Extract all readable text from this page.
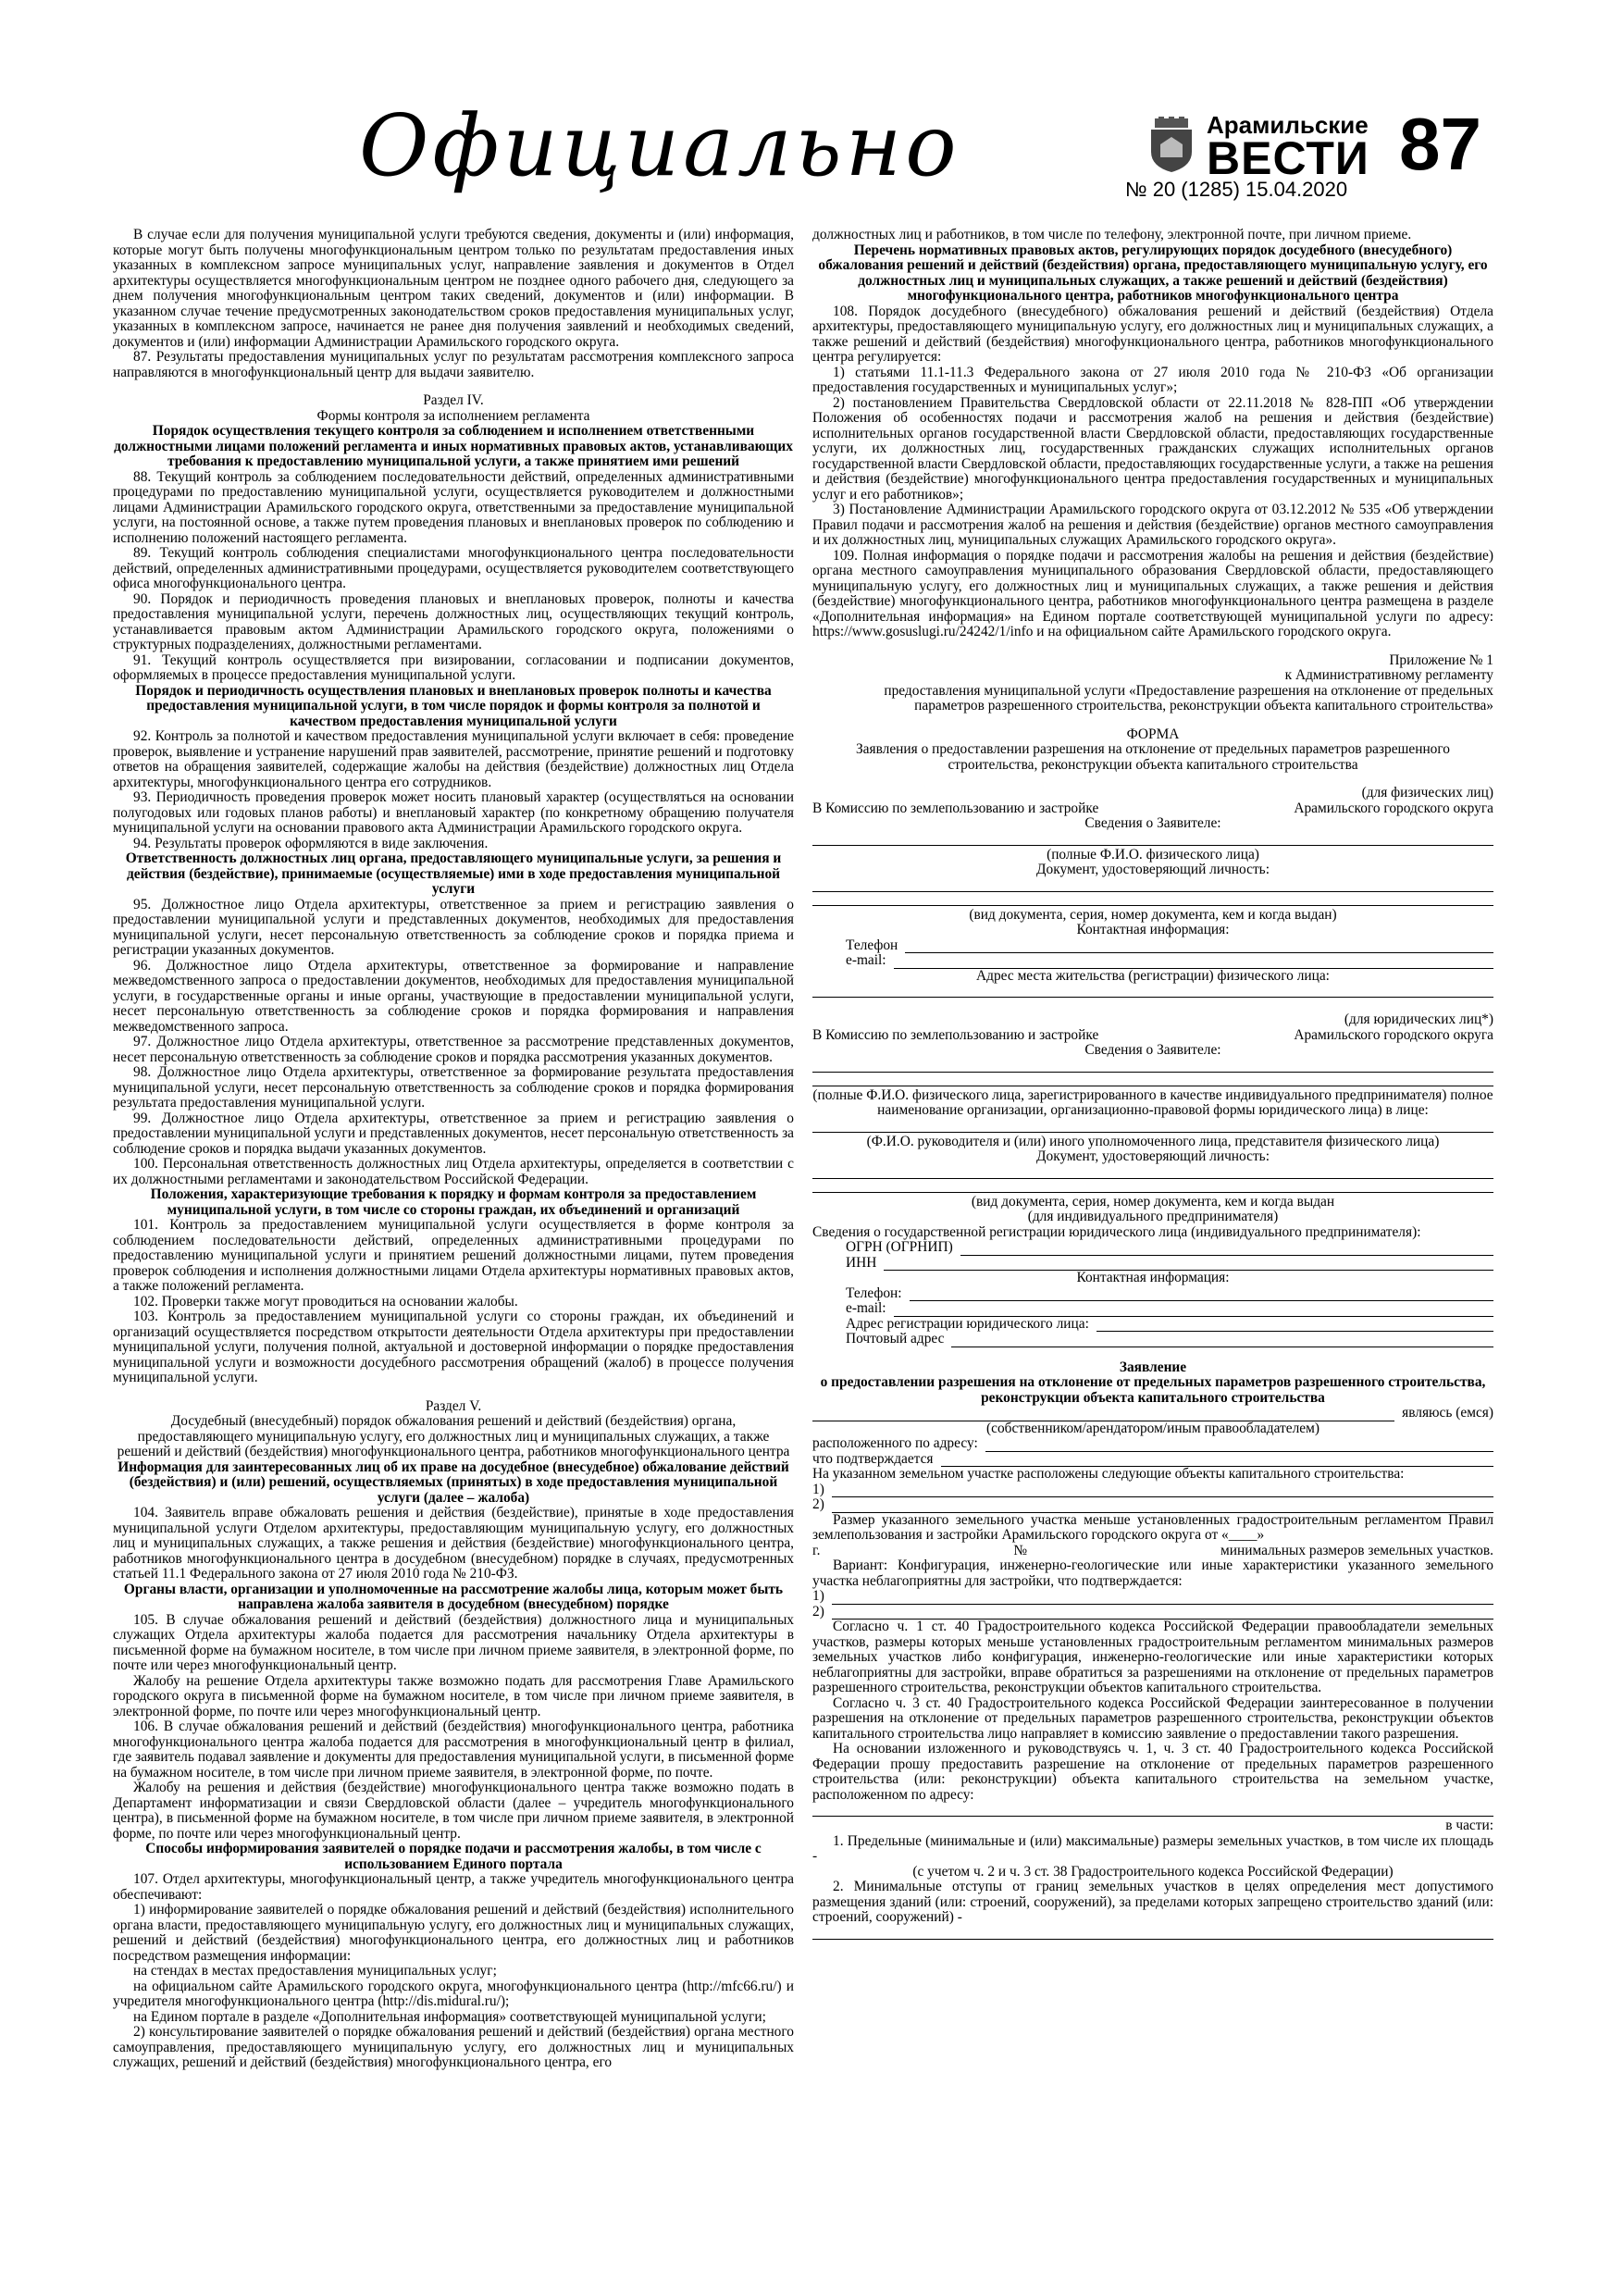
Официально	Арамильские
ВЕСТИ 87
№ 20 (1285) 15.04.2020

В случае если для получения муниципальной услуги требуются сведения, документы и (или) информация, которые могут быть получены многофункциональным центром только по результатам предоставления иных указанных в комплексном запросе муниципальных услуг, направление заявления и документов в Отдел архитектуры осуществляется многофункциональным центром не позднее одного рабочего дня, следующего за днем получения многофункциональным центром таких сведений, документов и (или) информации. В указанном случае течение предусмотренных законодательством сроков предоставления муниципальных услуг, указанных в комплексном запросе, начинается не ранее дня получения заявлений и необходимых сведений, документов и (или) информации Администрации Арамильского городского округа.

87. Результаты предоставления муниципальных услуг по результатам рассмотрения комплексного запроса направляются в многофункциональный центр для выдачи заявителю.

Раздел IV.

Формы контроля за исполнением регламента

Порядок осуществления текущего контроля за соблюдением и исполнением ответственными должностными лицами положений регламента и иных нормативных правовых актов, устанавливающих требования к предоставлению муниципальной услуги, а также принятием ими решений

88. Текущий контроль за соблюдением последовательности действий, определенных административными процедурами по предоставлению муниципальной услуги, осуществляется руководителем и должностными лицами Администрации Арамильского городского округа, ответственными за предоставление муниципальной услуги, на постоянной основе, а также путем проведения плановых и внеплановых проверок по соблюдению и исполнению положений настоящего регламента.

89. Текущий контроль соблюдения специалистами многофункционального центра последовательности действий, определенных административными процедурами, осуществляется руководителем соответствующего офиса многофункционального центра.

90. Порядок и периодичность проведения плановых и внеплановых проверок, полноты и качества предоставления муниципальной услуги, перечень должностных лиц, осуществляющих текущий контроль, устанавливается правовым актом Администрации Арамильского городского округа, положениями о структурных подразделениях, должностными регламентами.

91. Текущий контроль осуществляется при визировании, согласовании и подписании документов, оформляемых в процессе предоставления муниципальной услуги.

Порядок и периодичность осуществления плановых и внеплановых проверок полноты и качества предоставления муниципальной услуги, в том числе порядок и формы контроля за полнотой и качеством предоставления муниципальной услуги

92. Контроль за полнотой и качеством предоставления муниципальной услуги включает в себя: проведение проверок, выявление и устранение нарушений прав заявителей, рассмотрение, принятие решений и подготовку ответов на обращения заявителей, содержащие жалобы на действия (бездействие) должностных лиц Отдела архитектуры, многофункционального центра его сотрудников.

93. Периодичность проведения проверок может носить плановый характер (осуществляться на основании полугодовых или годовых планов работы) и внеплановый характер (по конкретному обращению получателя муниципальной услуги на основании правового акта Администрации Арамильского городского округа.

94. Результаты проверок оформляются в виде заключения.

Ответственность должностных лиц органа, предоставляющего муниципальные услуги, за решения и действия (бездействие), принимаемые (осуществляемые) ими в ходе предоставления муниципальной услуги

95. Должностное лицо Отдела архитектуры, ответственное за прием и регистрацию заявления о предоставлении муниципальной услуги и представленных документов, необходимых для предоставления муниципальной услуги, несет персональную ответственность за соблюдение сроков и порядка приема и регистрации указанных документов.

96. Должностное лицо Отдела архитектуры, ответственное за формирование и направление межведомственного запроса о предоставлении документов, необходимых для предоставления муниципальной услуги, в государственные органы и иные органы, участвующие в предоставлении муниципальной услуги, несет персональную ответственность за соблюдение сроков и порядка формирования и направления межведомственного запроса.

97. Должностное лицо Отдела архитектуры, ответственное за рассмотрение представленных документов, несет персональную ответственность за соблюдение сроков и порядка рассмотрения указанных документов.

98. Должностное лицо Отдела архитектуры, ответственное за формирование результата предоставления муниципальной услуги, несет персональную ответственность за соблюдение сроков и порядка формирования результата предоставления муниципальной услуги.

99. Должностное лицо Отдела архитектуры, ответственное за прием и регистрацию заявления о предоставлении муниципальной услуги и представленных документов, несет персональную ответственность за соблюдение сроков и порядка выдачи указанных документов.

100. Персональная ответственность должностных лиц Отдела архитектуры, определяется в соответствии с их должностными регламентами и законодательством Российской Федерации.

Положения, характеризующие требования к порядку и формам контроля за предоставлением муниципальной услуги, в том числе со стороны граждан, их объединений и организаций

101. Контроль за предоставлением муниципальной услуги осуществляется в форме контроля за соблюдением последовательности действий, определенных административными процедурами по предоставлению муниципальной услуги и принятием решений должностными лицами, путем проведения проверок соблюдения и исполнения должностными лицами Отдела архитектуры нормативных правовых актов, а также положений регламента.

102. Проверки также могут проводиться на основании жалобы.

103. Контроль за предоставлением муниципальной услуги со стороны граждан, их объединений и организаций осуществляется посредством открытости деятельности Отдела архитектуры при предоставлении муниципальной услуги, получения полной, актуальной и достоверной информации о порядке предоставления муниципальной услуги и возможности досудебного рассмотрения обращений (жалоб) в процессе получения муниципальной услуги.

Раздел V.

Досудебный (внесудебный) порядок обжалования решений и действий (бездействия) органа, предоставляющего муниципальную услугу, его должностных лиц и муниципальных служащих, а также решений и действий (бездействия) многофункционального центра, работников многофункционального центра

Информация для заинтересованных лиц об их праве на досудебное (внесудебное) обжалование действий (бездействия) и (или) решений, осуществляемых (принятых) в ходе предоставления муниципальной услуги (далее – жалоба)

104. Заявитель вправе обжаловать решения и действия (бездействие), принятые в ходе предоставления муниципальной услуги Отделом архитектуры, предоставляющим муниципальную услугу, его должностных лиц и муниципальных служащих, а также решения и действия (бездействие) многофункционального центра, работников многофункционального центра в досудебном (внесудебном) порядке в случаях, предусмотренных статьей 11.1 Федерального закона от 27 июля 2010 года № 210-ФЗ.

Органы власти, организации и уполномоченные на рассмотрение жалобы лица, которым может быть направлена жалоба заявителя в досудебном (внесудебном) порядке

105. В случае обжалования решений и действий (бездействия) должностного лица и муниципальных служащих Отдела архитектуры жалоба подается для рассмотрения начальнику Отдела архитектуры в письменной форме на бумажном носителе, в том числе при личном приеме заявителя, в электронной форме, по почте или через многофункциональный центр.

Жалобу на решение Отдела архитектуры также возможно подать для рассмотрения Главе Арамильского городского округа в письменной форме на бумажном носителе, в том числе при личном приеме заявителя, в электронной форме, по почте или через многофункциональный центр.

106. В случае обжалования решений и действий (бездействия) многофункционального центра, работника многофункционального центра жалоба подается для рассмотрения в многофункциональный центр в филиал, где заявитель подавал заявление и документы для предоставления муниципальной услуги, в письменной форме на бумажном носителе, в том числе при личном приеме заявителя, в электронной форме, по почте.

Жалобу на решения и действия (бездействие) многофункционального центра также возможно подать в Департамент информатизации и связи Свердловской области (далее – учредитель многофункционального центра), в письменной форме на бумажном носителе, в том числе при личном приеме заявителя, в электронной форме, по почте или через многофункциональный центр.

Способы информирования заявителей о порядке подачи и рассмотрения жалобы, в том числе с использованием Единого портала

107. Отдел архитектуры, многофункциональный центр, а также учредитель многофункционального центра обеспечивают:

1) информирование заявителей о порядке обжалования решений и действий (бездействия) исполнительного органа власти, предоставляющего муниципальную услугу, его должностных лиц и муниципальных служащих, решений и действий (бездействия) многофункционального центра, его должностных лиц и работников посредством размещения информации:

на стендах в местах предоставления муниципальных услуг;

на официальном сайте Арамильского городского округа, многофункционального центра (http://mfc66.ru/) и учредителя многофункционального центра (http://dis.midural.ru/);

на Едином портале в разделе «Дополнительная информация» соответствующей муниципальной услуги;

2) консультирование заявителей о порядке обжалования решений и действий (бездействия) органа местного самоуправления, предоставляющего муниципальную услугу, его должностных лиц и муниципальных служащих, решений и действий (бездействия) многофункционального центра, его

должностных лиц и работников, в том числе по телефону, электронной почте, при личном приеме.

Перечень нормативных правовых актов, регулирующих порядок досудебного (внесудебного) обжалования решений и действий (бездействия) органа, предоставляющего муниципальную услугу, его должностных лиц и муниципальных служащих, а также решений и действий (бездействия) многофункционального центра, работников многофункционального центра

108. Порядок досудебного (внесудебного) обжалования решений и действий (бездействия) Отдела архитектуры, предоставляющего муниципальную услугу, его должностных лиц и муниципальных служащих, а также решений и действий (бездействия) многофункционального центра, работников многофункционального центра регулируется:

1) статьями 11.1-11.3 Федерального закона от 27 июля 2010 года № 210-ФЗ «Об организации предоставления государственных и муниципальных услуг»;

2) постановлением Правительства Свердловской области от 22.11.2018 № 828-ПП «Об утверждении Положения об особенностях подачи и рассмотрения жалоб на решения и действия (бездействие) исполнительных органов государственной власти Свердловской области, предоставляющих государственные услуги, их должностных лиц, государственных гражданских служащих исполнительных органов государственной власти Свердловской области, предоставляющих государственные услуги, а также на решения и действия (бездействие) многофункционального центра предоставления государственных и муниципальных услуг и его работников»;

3) Постановление Администрации Арамильского городского округа от 03.12.2012 № 535 «Об утверждении Правил подачи и рассмотрения жалоб на решения и действия (бездействие) органов местного самоуправления и их должностных лиц, муниципальных служащих Арамильского городского округа».

109. Полная информация о порядке подачи и рассмотрения жалобы на решения и действия (бездействие) органа местного самоуправления муниципального образования Свердловской области, предоставляющего муниципальную услугу, его должностных лиц и муниципальных служащих, а также решения и действия (бездействие) многофункционального центра, работников многофункционального центра размещена в разделе «Дополнительная информация» на Едином портале соответствующей муниципальной услуги по адресу: https://www.gosuslugi.ru/24242/1/info и на официальном сайте Арамильского городского округа.

Приложение № 1

к Административному регламенту

предоставления муниципальной услуги «Предоставление разрешения на отклонение от предельных параметров разрешенного строительства, реконструкции объекта капитального строительства»

ФОРМА

Заявления о предоставлении разрешения на отклонение от предельных параметров разрешенного строительства, реконструкции объекта капитального строительства

(для физических лиц)

В Комиссию по землепользованию и застройке	Арамильского городского округа

Сведения о Заявителе:

(полные Ф.И.О. физического лица)

Документ, удостоверяющий личность:

(вид документа, серия, номер документа, кем и когда выдан)

Контактная информация:

Телефон
e-mail:

Адрес места жительства (регистрации) физического лица:

(для юридических лиц*)

В Комиссию по землепользованию и застройке	Арамильского городского округа

Сведения о Заявителе:

(полные Ф.И.О. физического лица, зарегистрированного в качестве индивидуального предпринимателя) полное наименование организации, организационно-правовой формы юридического лица) в лице:

(Ф.И.О. руководителя и (или) иного уполномоченного лица, представителя физического лица)

Документ, удостоверяющий личность:

(вид документа, серия, номер документа, кем и когда выдан

(для индивидуального предпринимателя)

Сведения о государственной регистрации юридического лица (индивидуального предпринимателя):

ОГРН (ОГРНИП)
ИНН

Контактная информация:

Телефон:
e-mail:
Адрес регистрации юридического лица:
Почтовый адрес

Заявление

о предоставлении разрешения на отклонение от предельных параметров разрешенного строительства, реконструкции объекта капитального строительства

являюсь (емся)

(собственником/арендатором/иным правообладателем)

расположенного по адресу:
что подтверждается

На указанном земельном участке расположены следующие объекты капитального строительства:

1)
2)

Размер указанного земельного участка меньше установленных градостроительным регламентом Правил землепользования и застройки Арамильского городского округа от «____»

г.	№	минимальных размеров земельных участков.

Вариант: Конфигурация, инженерно-геологические или иные характеристики указанного земельного участка неблагоприятны для застройки, что подтверждается:

1)
2)

Согласно ч. 1 ст. 40 Градостроительного кодекса Российской Федерации правообладатели земельных участков, размеры которых меньше установленных градостроительным регламентом минимальных размеров земельных участков либо конфигурация, инженерно-геологические или иные характеристики которых неблагоприятны для застройки, вправе обратиться за разрешениями на отклонение от предельных параметров разрешенного строительства, реконструкции объектов капитального строительства.

Согласно ч. 3 ст. 40 Градостроительного кодекса Российской Федерации заинтересованное в получении разрешения на отклонение от предельных параметров разрешенного строительства, реконструкции объектов капитального строительства лицо направляет в комиссию заявление о предоставлении такого разрешения.

На основании изложенного и руководствуясь ч. 1, ч. 3 ст. 40 Градостроительного кодекса Российской Федерации прошу предоставить разрешение на отклонение от предельных параметров разрешенного строительства (или: реконструкции) объекта капитального строительства на земельном участке, расположенном по адресу:

в части:

1. Предельные (минимальные и (или) максимальные) размеры земельных участков, в том числе их площадь -

(с учетом ч. 2 и ч. 3 ст. 38 Градостроительного кодекса Российской Федерации)

2. Минимальные отступы от границ земельных участков в целях определения мест допустимого размещения зданий (или: строений, сооружений), за пределами которых запрещено строительство зданий (или: строений, сооружений) -
